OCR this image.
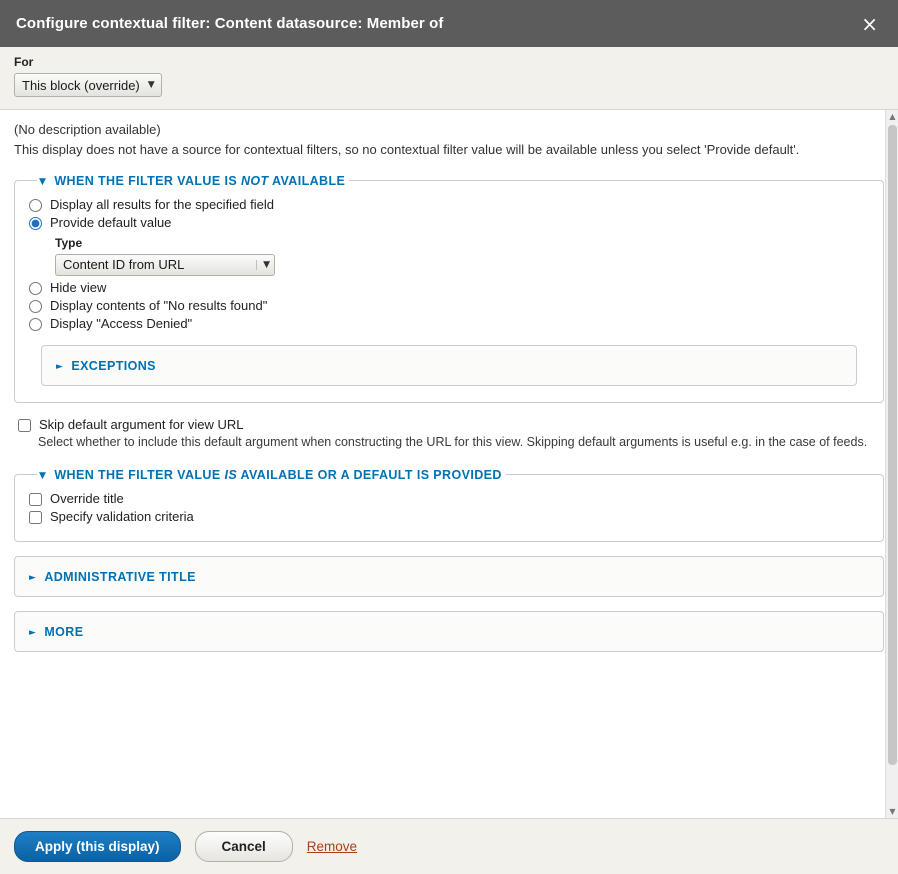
Configure contextual filter: Content datasource: Member of	×
For
This block (override) ▼

(No description available)

This display does not have a source for contextual filters, so no contextual filter value will be available unless you select 'Provide default'.

▼ WHEN THE FILTER VALUE IS NOT AVAILABLE
Display all results for the specified field
Provide default value
Type
Content ID from URL	▼
Hide view
Display contents of "No results found"
Display "Access Denied"
► EXCEPTIONS
Skip default argument for view URL
Select whether to include this default argument when constructing the URL for this view. Skipping default arguments is useful e.g. in the case of feeds.
▼ WHEN THE FILTER VALUE IS AVAILABLE OR A DEFAULT IS PROVIDED
Override title
Specify validation criteria
► ADMINISTRATIVE TITLE
► MORE
▲
▼
Apply (this display)	Cancel	Remove
